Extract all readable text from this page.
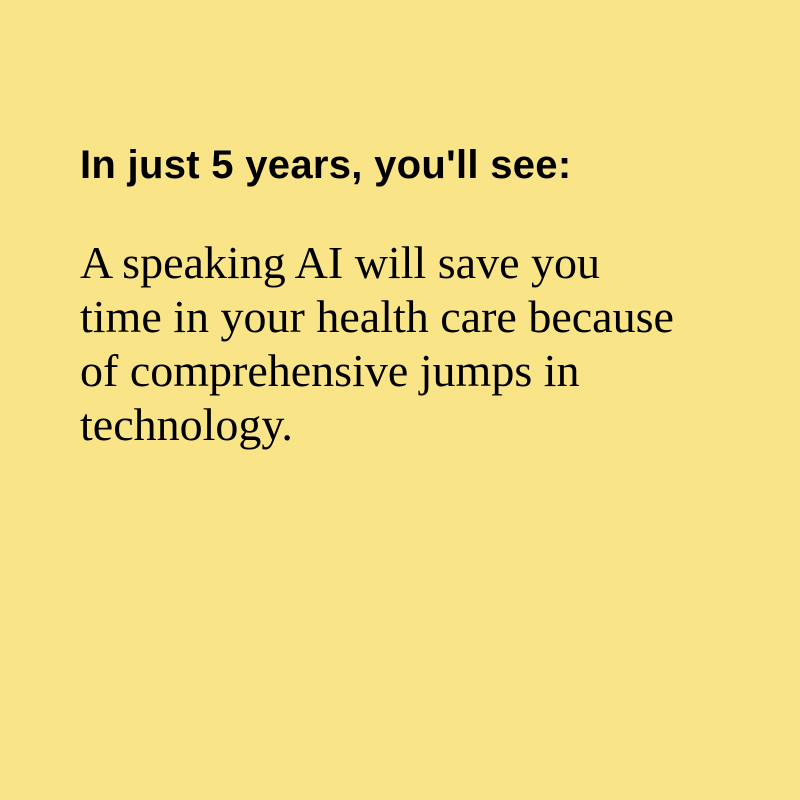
In just 5 years, you'll see:

A speaking AI will save you time in your health care because of comprehensive jumps in technology.
